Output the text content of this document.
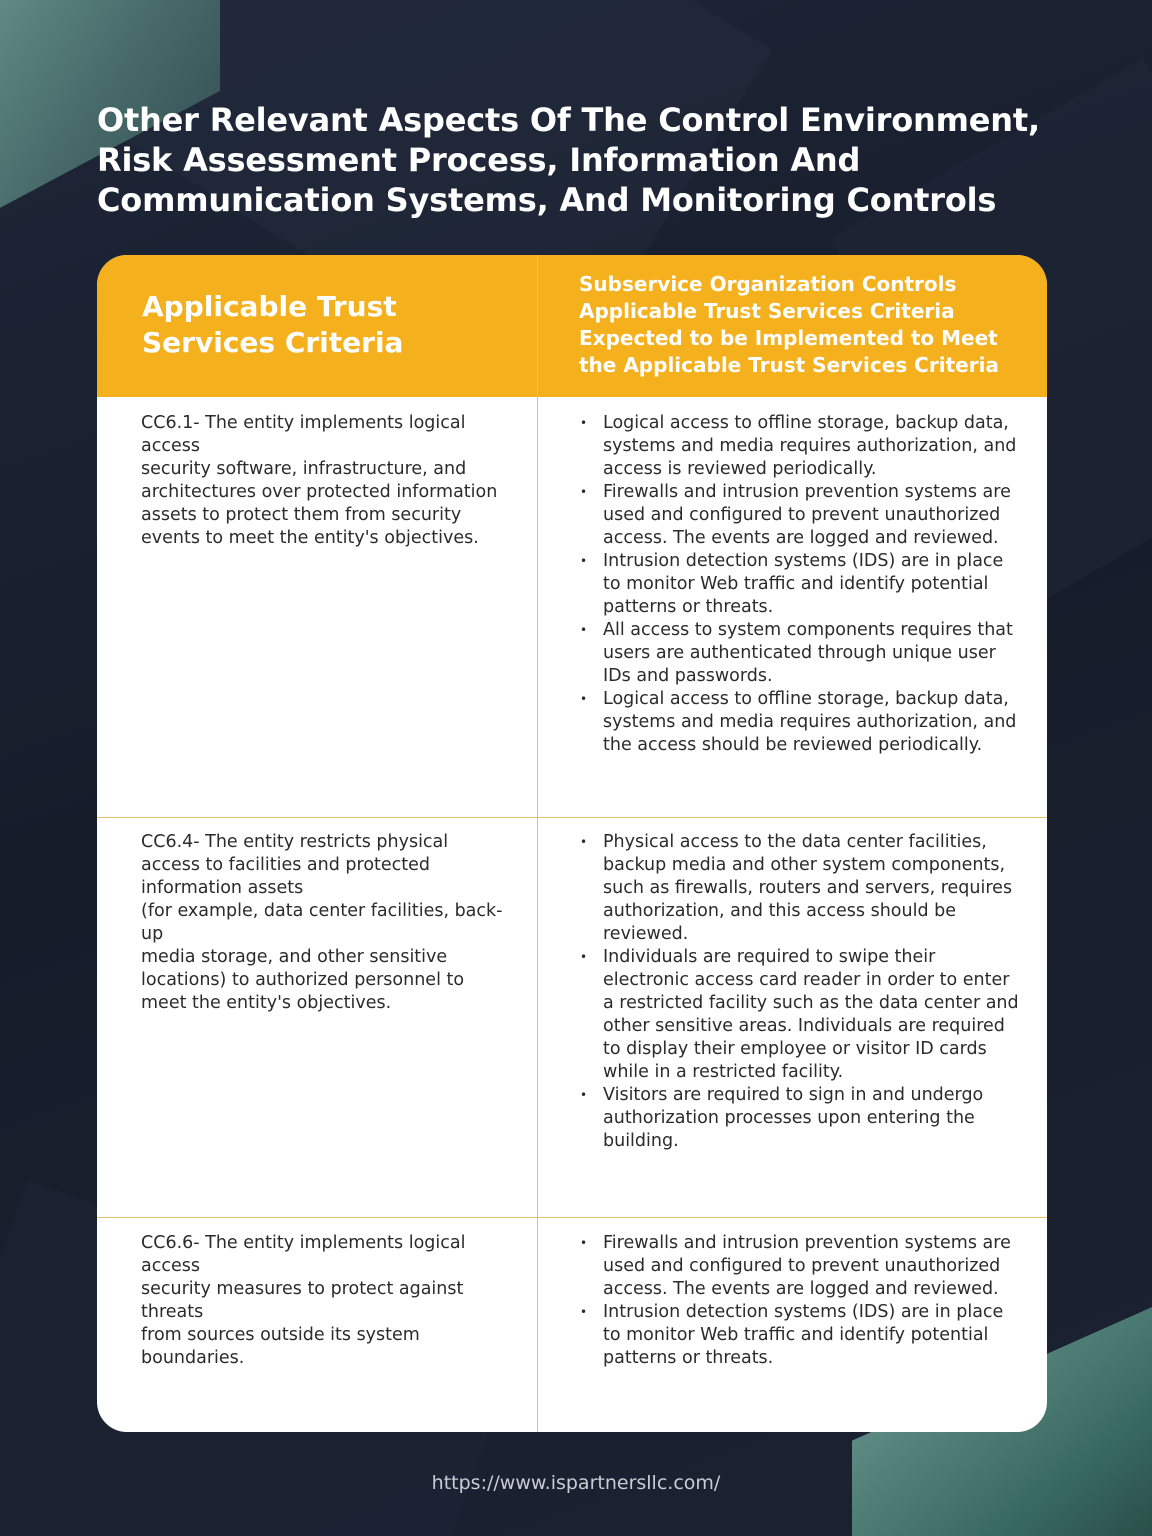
Other Relevant Aspects Of The Control Environment, Risk Assessment Process, Information And Communication Systems, And Monitoring Controls
Applicable Trust Services Criteria
Subservice Organization Controls Applicable Trust Services Criteria Expected to be Implemented to Meet the Applicable Trust Services Criteria
CC6.1- The entity implements logical access
security software, infrastructure, and architectures over protected information assets to protect them from security events to meet the entity's objectives.
• Logical access to offline storage, backup data, systems and media requires authorization, and access is reviewed periodically.
• Firewalls and intrusion prevention systems are used and configured to prevent unauthorized access. The events are logged and reviewed.
• Intrusion detection systems (IDS) are in place to monitor Web traffic and identify potential patterns or threats.
• All access to system components requires that users are authenticated through unique user IDs and passwords.
• Logical access to offline storage, backup data, systems and media requires authorization, and the access should be reviewed periodically.
CC6.4- The entity restricts physical access to facilities and protected information assets
(for example, data center facilities, back-up
media storage, and other sensitive locations) to authorized personnel to meet the entity's objectives.
• Physical access to the data center facilities, backup media and other system components, such as firewalls, routers and servers, requires authorization, and this access should be reviewed.
• Individuals are required to swipe their electronic access card reader in order to enter a restricted facility such as the data center and other sensitive areas. Individuals are required to display their employee or visitor ID cards while in a restricted facility.
• Visitors are required to sign in and undergo authorization processes upon entering the building.
CC6.6- The entity implements logical access
security measures to protect against threats
from sources outside its system boundaries.
• Firewalls and intrusion prevention systems are used and configured to prevent unauthorized access. The events are logged and reviewed.
• Intrusion detection systems (IDS) are in place to monitor Web traffic and identify potential patterns or threats.
https://www.ispartnersllc.com/
